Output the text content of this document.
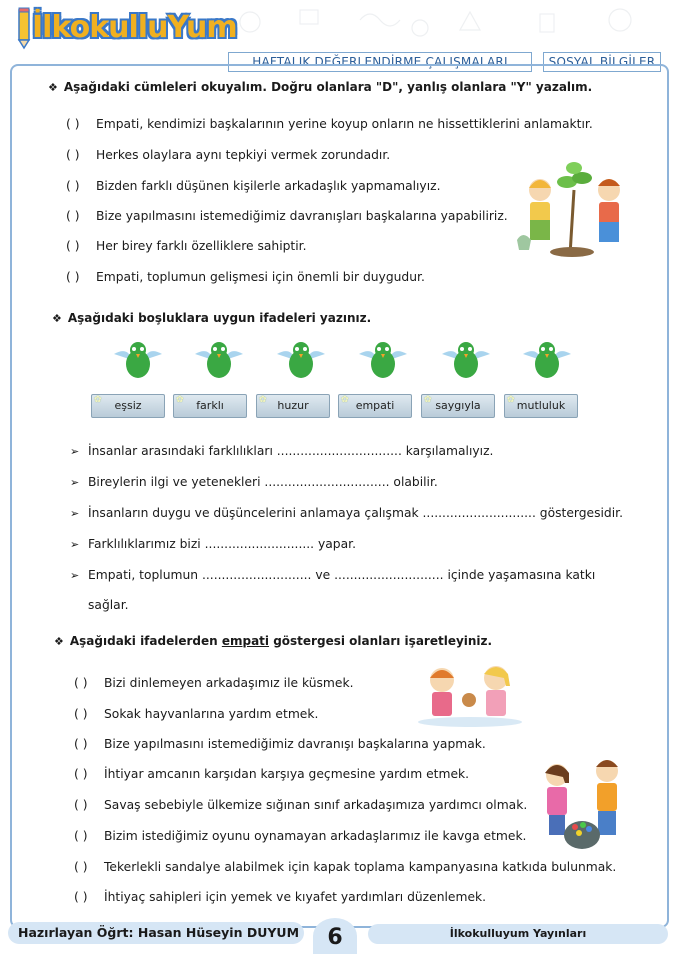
İlkokulluYum
HAFTALIK DEĞERLENDİRME ÇALIŞMALARI	SOSYAL BİLGİLER
❖ Aşağıdaki cümleleri okuyalım. Doğru olanlara "D", yanlış olanlara "Y" yazalım.
( ) Empati, kendimizi başkalarının yerine koyup onların ne hissettiklerini anlamaktır.
( ) Herkes olaylara aynı tepkiyi vermek zorundadır.
( ) Bizden farklı düşünen kişilerle arkadaşlık yapmamalıyız.
( ) Bize yapılmasını istemediğimiz davranışları başkalarına yapabiliriz.
( ) Her birey farklı özelliklere sahiptir.
( ) Empati, toplumun gelişmesi için önemli bir duygudur.
❖ Aşağıdaki boşluklara uygun ifadeleri yazınız.
✿ eşsiz	✿ farklı	✿ huzur	✿ empati	✿ saygıyla	✿ mutluluk
➢ İnsanlar arasındaki farklılıkları ................................ karşılamalıyız.
➢ Bireylerin ilgi ve yetenekleri ................................ olabilir.
➢ İnsanların duygu ve düşüncelerini anlamaya çalışmak ............................. göstergesidir.
➢ Farklılıklarımız bizi ............................ yapar.
➢ Empati, toplumun ............................ ve ............................ içinde yaşamasına katkı
sağlar.
❖ Aşağıdaki ifadelerden empati göstergesi olanları işaretleyiniz.
( ) Bizi dinlemeyen arkadaşımız ile küsmek.
( ) Sokak hayvanlarına yardım etmek.
( ) Bize yapılmasını istemediğimiz davranışı başkalarına yapmak.
( ) İhtiyar amcanın karşıdan karşıya geçmesine yardım etmek.
( ) Savaş sebebiyle ülkemize sığınan sınıf arkadaşımıza yardımcı olmak.
( ) Bizim istediğimiz oyunu oynamayan arkadaşlarımız ile kavga etmek.
( ) Tekerlekli sandalye alabilmek için kapak toplama kampanyasına katkıda bulunmak.
( ) İhtiyaç sahipleri için yemek ve kıyafet yardımları düzenlemek.
Hazırlayan Öğrt: Hasan Hüseyin DUYUM	6	İlkokulluyum Yayınları
